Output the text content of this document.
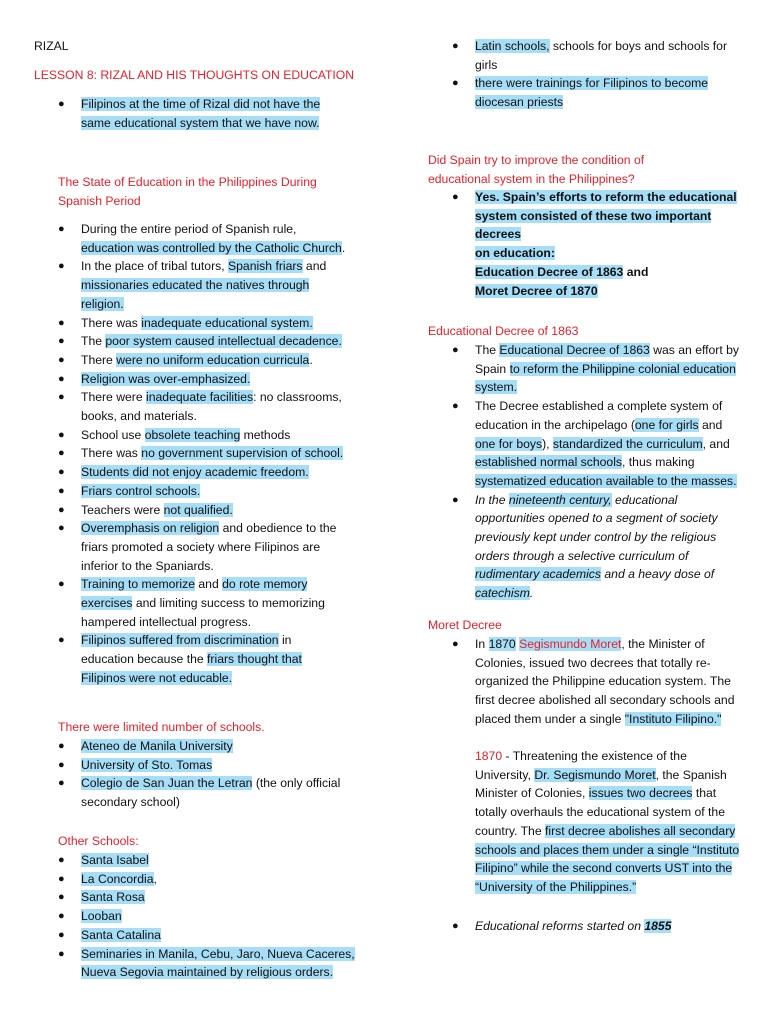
RIZAL

LESSON 8: RIZAL AND HIS THOUGHTS ON EDUCATION

● Filipinos at the time of Rizal did not have the
same educational system that we have now.

The State of Education in the Philippines During
Spanish Period

● During the entire period of Spanish rule,
education was controlled by the Catholic Church.
● In the place of tribal tutors, Spanish friars and
missionaries educated the natives through
religion.
● There was inadequate educational system.
● The poor system caused intellectual decadence.
● There were no uniform education curricula.
● Religion was over-emphasized.
● There were inadequate facilities: no classrooms,
books, and materials.
● School use obsolete teaching methods
● There was no government supervision of school.
● Students did not enjoy academic freedom.
● Friars control schools.
● Teachers were not qualified.
● Overemphasis on religion and obedience to the
friars promoted a society where Filipinos are
inferior to the Spaniards.
● Training to memorize and do rote memory
exercises and limiting success to memorizing
hampered intellectual progress.
● Filipinos suffered from discrimination in
education because the friars thought that
Filipinos were not educable.

There were limited number of schools.

● Ateneo de Manila University
● University of Sto. Tomas
● Colegio de San Juan the Letran (the only official
secondary school)

Other Schools:

● Santa Isabel
● La Concordia,
● Santa Rosa
● Looban
● Santa Catalina
● Seminaries in Manila, Cebu, Jaro, Nueva Caceres,
Nueva Segovia maintained by religious orders.
● Latin schools, schools for boys and schools for
girls
● there were trainings for Filipinos to become
diocesan priests

Did Spain try to improve the condition of
educational system in the Philippines?

● Yes. Spain’s efforts to reform the educational
system consisted of these two important decrees
on education:
Education Decree of 1863 and
Moret Decree of 1870

Educational Decree of 1863

● The Educational Decree of 1863 was an effort by
Spain to reform the Philippine colonial education
system.
● The Decree established a complete system of
education in the archipelago (one for girls and
one for boys), standardized the curriculum, and
established normal schools, thus making
systematized education available to the masses.
● In the nineteenth century, educational
opportunities opened to a segment of society
previously kept under control by the religious
orders through a selective curriculum of
rudimentary academics and a heavy dose of
catechism.

Moret Decree

● In 1870 Segismundo Moret, the Minister of
Colonies, issued two decrees that totally re-
organized the Philippine education system. The
first decree abolished all secondary schools and
placed them under a single "Instituto Filipino."

1870 - Threatening the existence of the
University, Dr. Segismundo Moret, the Spanish
Minister of Colonies, issues two decrees that
totally overhauls the educational system of the
country. The first decree abolishes all secondary
schools and places them under a single “Instituto
Filipino” while the second converts UST into the
“University of the Philippines.”

● Educational reforms started on 1855
